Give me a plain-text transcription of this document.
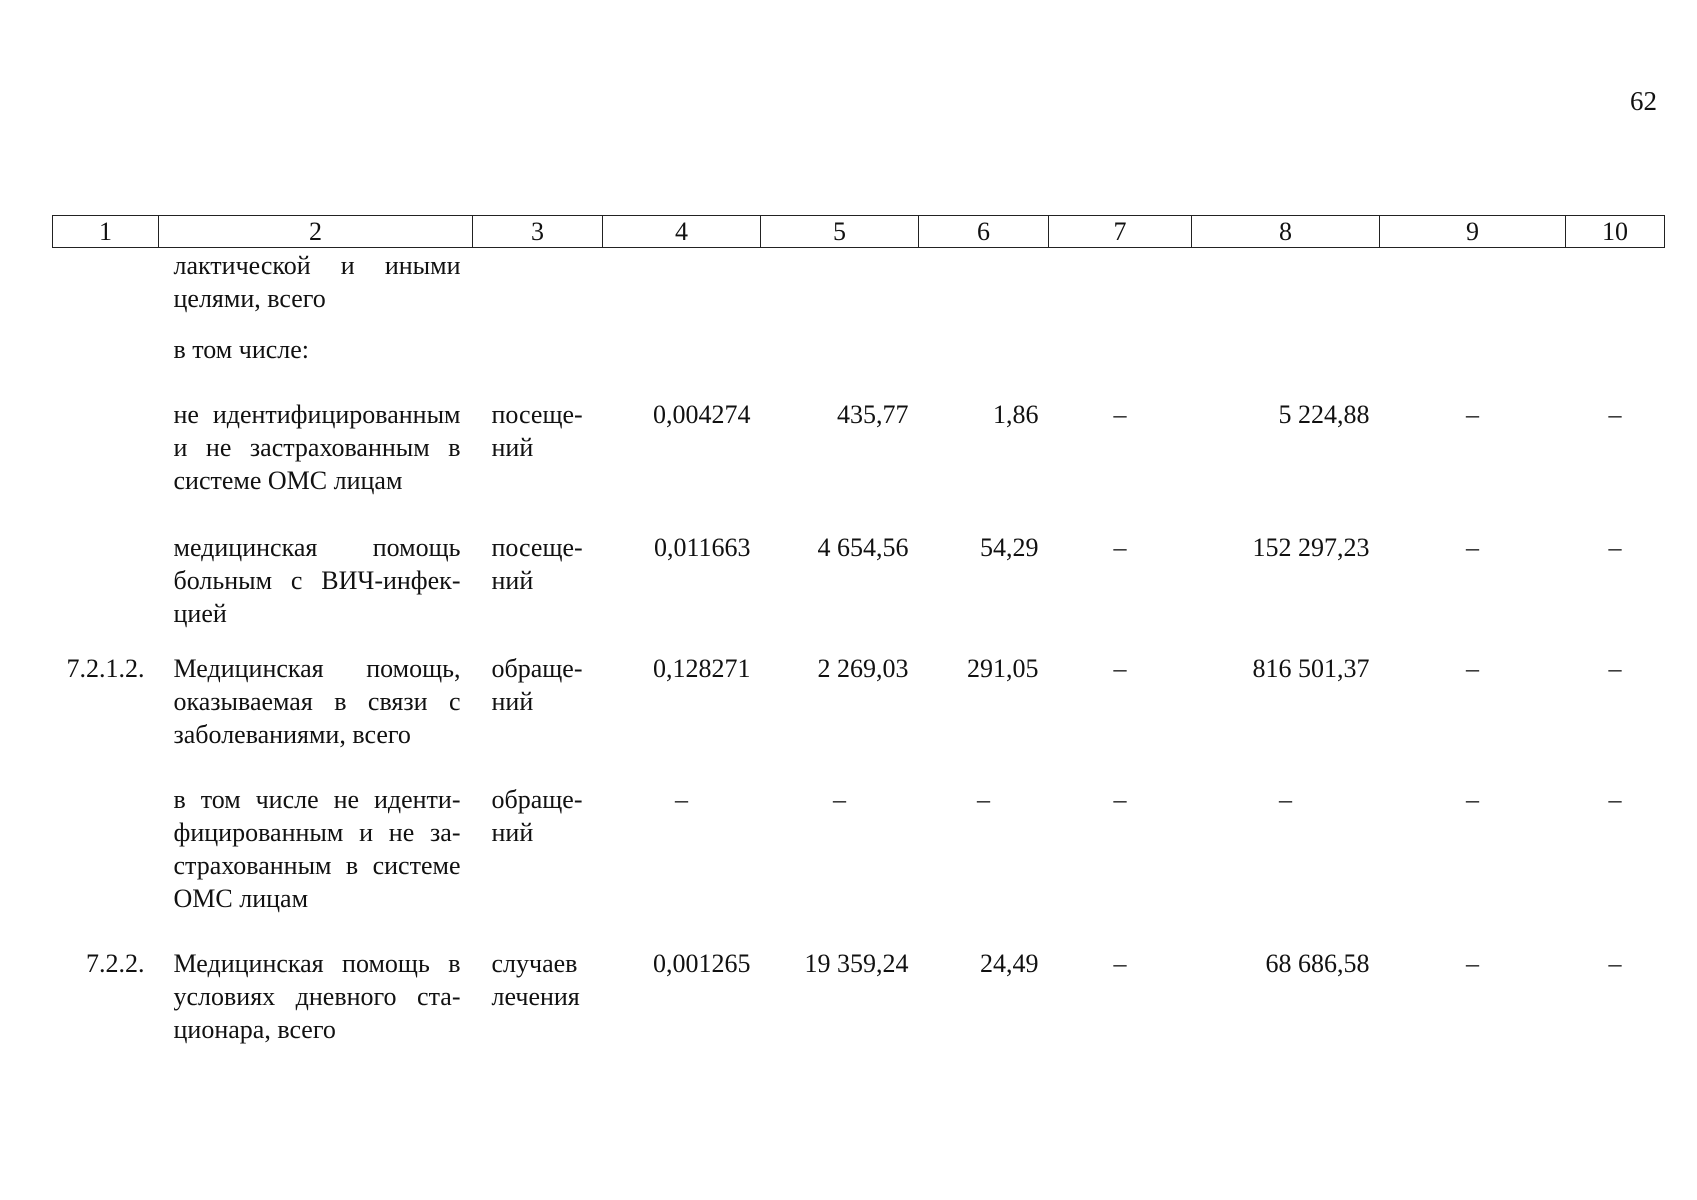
62
1	2	3	4	5	6	7	8	9	10
	лактической и иными целями, всего								
	в том числе:								
	не идентифицированным и не застрахованным в системе ОМС лицам	посещений	0,004274	435,77	1,86	–	5 224,88	–	–
	медицинская помощь больным с ВИЧ-инфекцией	посещений	0,011663	4 654,56	54,29	–	152 297,23	–	–
7.2.1.2.	Медицинская помощь, оказываемая в связи с заболеваниями, всего	обращений	0,128271	2 269,03	291,05	–	816 501,37	–	–
	в том числе не идентифицированным и не застрахованным в системе ОМС лицам	обращений	–	–	–	–	–	–	–
7.2.2.	Медицинская помощь в условиях дневного стационара, всего	случаев лечения	0,001265	19 359,24	24,49	–	68 686,58	–	–
